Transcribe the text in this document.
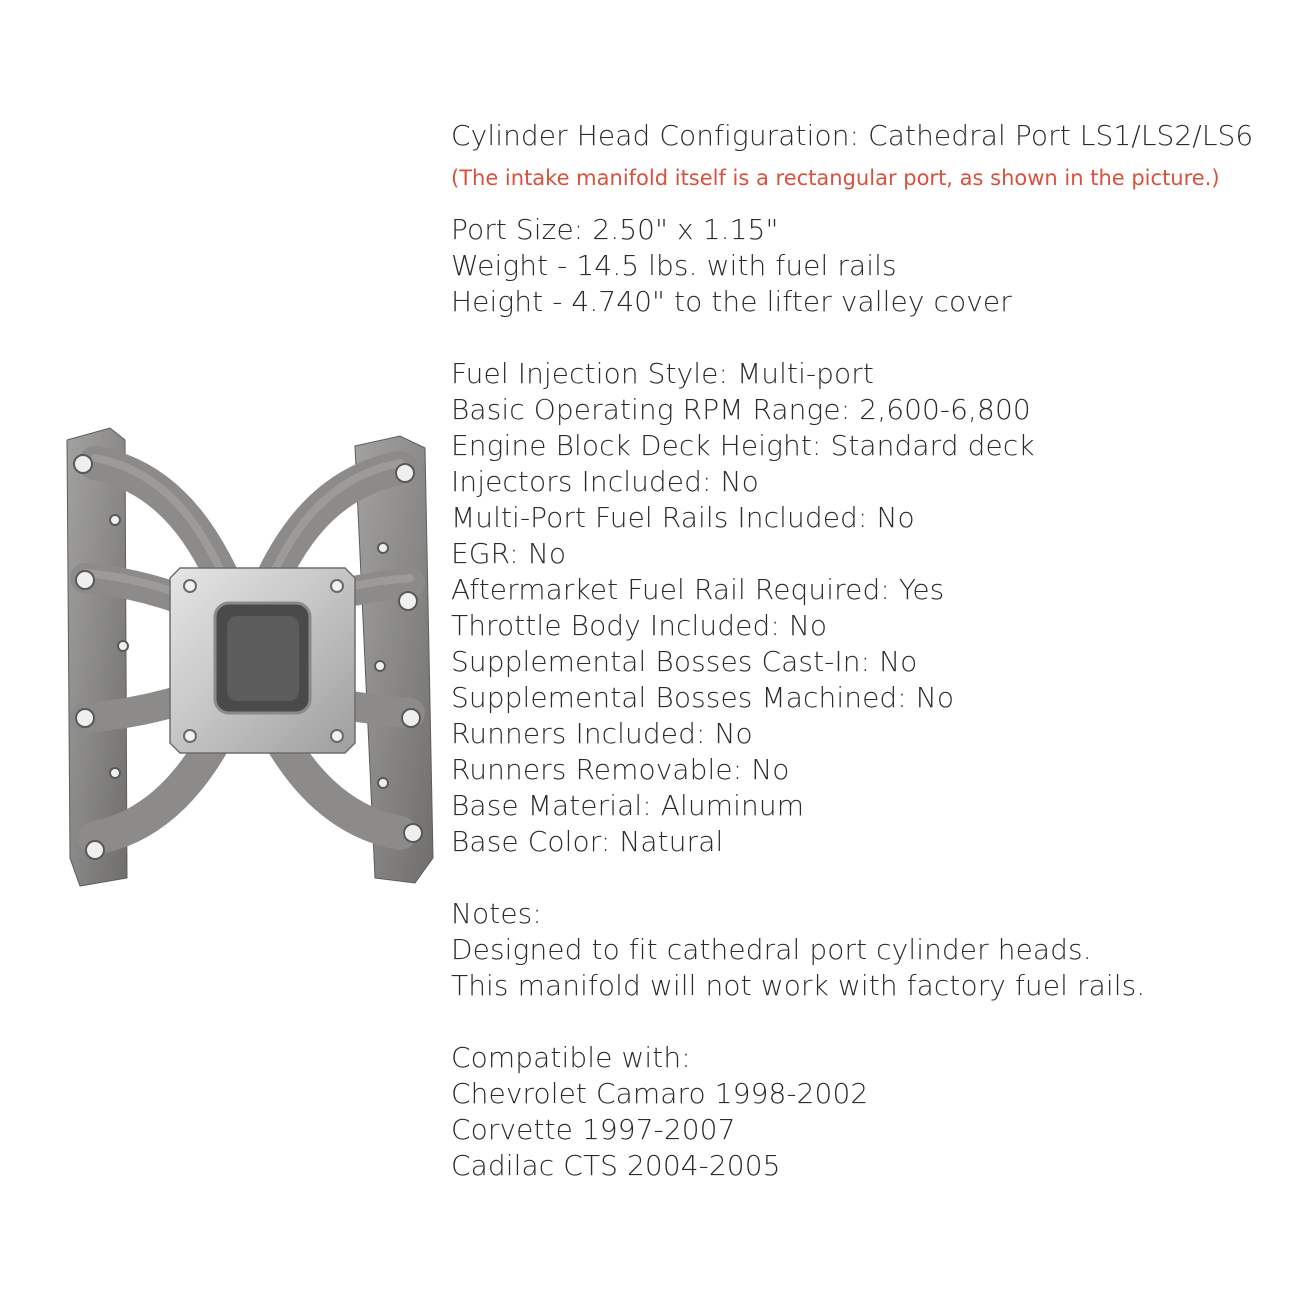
Cylinder Head Configuration: Cathedral Port LS1/LS2/LS6
(The intake manifold itself is a rectangular port, as shown in the picture.)
Port Size: 2.50" x 1.15"
Weight - 14.5 lbs. with fuel rails
Height - 4.740" to the lifter valley cover
Fuel Injection Style: Multi-port
Basic Operating RPM Range: 2,600-6,800
Engine Block Deck Height: Standard deck
Injectors Included: No
Multi-Port Fuel Rails Included: No
EGR: No
Aftermarket Fuel Rail Required: Yes
Throttle Body Included: No
Supplemental Bosses Cast-In: No
Supplemental Bosses Machined: No
Runners Included: No
Runners Removable: No
Base Material: Aluminum
Base Color: Natural
Notes:
Designed to fit cathedral port cylinder heads.
This manifold will not work with factory fuel rails.
Compatible with:
Chevrolet Camaro 1998-2002
Corvette 1997-2007
Cadilac CTS 2004-2005
